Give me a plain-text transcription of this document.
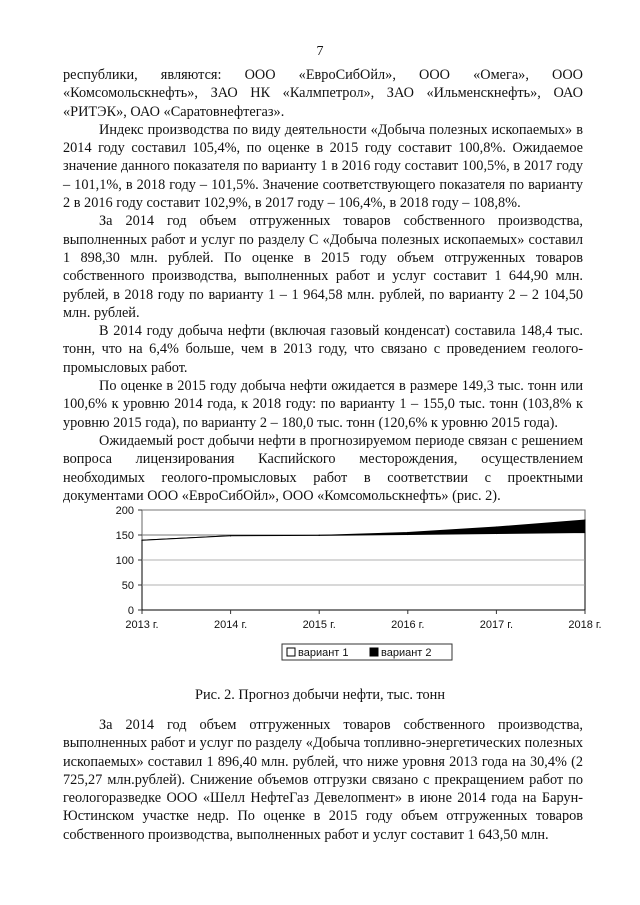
7

республики, являются: ООО «ЕвроСибОйл», ООО «Омега», ООО «Комсомольскнефть», ЗАО НК «Калмпетрол», ЗАО «Ильменскнефть», ОАО «РИТЭК», ОАО «Саратовнефтегаз».

Индекс производства по виду деятельности «Добыча полезных ископаемых» в 2014 году составил 105,4%, по оценке в 2015 году составит 100,8%. Ожидаемое значение данного показателя по варианту 1 в 2016 году составит 100,5%, в 2017 году – 101,1%, в 2018 году – 101,5%. Значение соответствующего показателя по варианту 2 в 2016 году составит 102,9%, в 2017 году – 106,4%, в 2018 году – 108,8%.

За 2014 год объем отгруженных товаров собственного производства, выполненных работ и услуг по разделу С «Добыча полезных ископаемых» составил 1 898,30 млн. рублей. По оценке в 2015 году объем отгруженных товаров собственного производства, выполненных работ и услуг составит 1 644,90 млн. рублей, в 2018 году по варианту 1 – 1 964,58 млн. рублей, по варианту 2 – 2 104,50 млн. рублей.

В 2014 году добыча нефти (включая газовый конденсат) составила 148,4 тыс. тонн, что на 6,4% больше, чем в 2013 году, что связано с проведением геолого-промысловых работ.

По оценке в 2015 году добыча нефти ожидается в размере 149,3 тыс. тонн или 100,6% к уровню 2014 года, к 2018 году: по варианту 1 – 155,0 тыс. тонн (103,8% к уровню 2015 года), по варианту 2 – 180,0 тыс. тонн (120,6% к уровню 2015 года).

Ожидаемый рост добычи нефти в прогнозируемом периоде связан с решением вопроса лицензирования Каспийского месторождения, осуществлением необходимых геолого-промысловых работ в соответствии с проектными документами ООО «ЕвроСибОйл», ООО «Комсомольскнефть» (рис. 2).

0
50
100
150
200
2013 г.	2014 г.	2015 г.	2016 г.	2017 г.	2018 г.
вариант 1	вариант 2
Рис. 2. Прогноз добычи нефти, тыс. тонн

За 2014 год объем отгруженных товаров собственного производства, выполненных работ и услуг по разделу «Добыча топливно-энергетических полезных ископаемых» составил 1 896,40 млн. рублей, что ниже уровня 2013 года на 30,4% (2 725,27 млн.рублей). Снижение объемов отгрузки связано с прекращением работ по геологоразведке ООО «Шелл НефтеГаз Девелопмент» в июне 2014 года на Барун-Юстинском участке недр. По оценке в 2015 году объем отгруженных товаров собственного производства, выполненных работ и услуг составит 1 643,50 млн.
